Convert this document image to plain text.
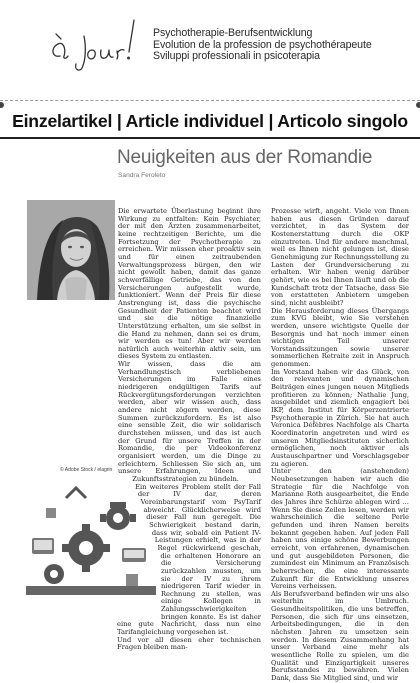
Psychotherapie-Berufsentwicklung
Evolution de la profession de psychothérapeute
Sviluppi professionali in psicoterapia
Einzelartikel | Article individuel | Articolo singolo
Neuigkeiten aus der Romandie
Sandra Feroleto
© Adobe Stock / elagrin

Die erwartete Überlastung beginnt ihre Wirkung zu entfalten: Kein Psychiater, der mit den Ärzten zusammenarbeitet, keine rechtzeitigen Berichte, um die Fortsetzung der Psychotherapie zu erreichen. Wir müssen eher proaktiv sein und für einen zeitraubenden Verwaltungsprozess bürgen, den wir nicht gewollt haben, damit das ganze schwerfällige Getriebe, das von den Versicherungen aufgestellt wurde, funktioniert. Wenn der Preis für diese Anstrengung ist, dass die psychische Gesundheit der Patienten beachtet wird und sie die nötige finanzielle Unterstützung erhalten, um sie selbst in die Hand zu nehmen, dann sei es drum, wir werden es tun! Aber wir werden natürlich auch weiterhin aktiv sein, um dieses System zu entlasten.

Wir wissen, dass die am Verhandlungstisch verbliebenen Versicherungen im Falle eines niedrigeren endgültigen Tarifs auf Rückvergütungsforderungen verzichten werden, aber wir wissen auch, dass andere nicht zögern werden, diese Summen zurückzufordern. Es ist also eine sensible Zeit, die wir solidarisch durchstehen müssen, und das ist auch der Grund für unsere Treffen in der Romandie, die per Videokonferenz organisiert werden, um die Dinge zu erleichtern. Schliessen Sie sich an, um unsere Erfahrungen, Ideen und Zukunftsstrategien zu bündeln.

Ein weiteres Problem stellt der Fall der IV dar, deren Vereinbarungstarif vom PsyTarif abweicht. Glücklicherweise wird dieser Fall nun geregelt. Die Schwierigkeit bestand darin, dass wir, sobald ein Patient IV-Leistungen erhielt, was in der Regel rückwirkend geschah, die erhaltenen Honorare an die Versicherung zurückzahlen mussten, um sie der IV zu ihrem niedrigeren Tarif wieder in Rechnung zu stellen, was einige Kollegen in Zahlungsschwierigkeiten bringen konnte. Es ist daher eine gute Nachricht, dass nun eine Tarifangleichung vorgesehen ist.

Und vor all diesen eher technischen Fragen bleiben man-

Prozesse wirft, angeht. Viele von Ihnen haben aus diesen Gründen darauf verzichtet, in das System der Kostenerstattung durch die OKP einzutreten. Und für andere manchmal, weil es Ihnen nicht gelungen ist, diese Genehmigung zur Rechnungsstellung zu Lasten der Grundversicherung zu erhalten. Wir haben wenig darüber gehört, wie es bei Ihnen läuft und ob die Kundschaft trotz der Tatsache, dass Sie von erstatteten Anbietern umgeben sind, nicht ausbleibt?

Die Herausforderung dieses Übergangs zum KVG bleibt, wie Sie verstehen werden, unsere wichtigste Quelle der Besorgnis und hat noch immer einen wichtigen Teil unserer Vorstandssitzungen sowie unserer sommerlichen Retraite zeit in Anspruch genommen.

Im Vorstand haben wir das Glück, von den relevanten und dynamischen Beiträgen eines jungen neuen Mitglieds profitieren zu können; Nathalie Jung, ausgebildet und ziemlich engagiert bei IKP, dem Institut für Körperzentrierte Psychotherapie in Zürich. Sie hat auch Veronica Défèbres Nachfolge als Charta Koordinatorin angetreten und wird es unseren Mitgliedsinstituten sicherlich ermöglichen, noch aktiver als Austauschpartner und Vorschlagsgeber zu agieren.

Unter den (anstehenden) Neubesetzungen haben wir auch die Strategie für die Nachfolge von Marianne Roth ausgearbeitet, die Ende des Jahres ihre Schürze ablegen wird … Wenn Sie diese Zeilen lesen, werden wir wahrscheinlich die seltene Perle gefunden und ihren Namen bereits bekannt gegeben haben. Auf jeden Fall haben uns einige schöne Bewerbungen erreicht, von erfahrenen, dynamischen und gut ausgebildeten Personen, die zumindest ein Minimum an Französisch beherrschen, die eine interessante Zukunft für die Entwicklung unseres Vereins verheissen.

Als Berufsverband befinden wir uns also weiterhin im Umbruch. Gesundheitspolitiken, die uns betreffen, Personen, die sich für uns einsetzen, Arbeitsbedingungen, die in den nächsten Jahren zu umsetzen sein werden. In diesem Zusammenhang hat unser Verband eine mehr als wesentliche Rolle zu spielen, um die Qualität und Einzigartigkeit unseres Berufsstandes zu bewahren. Vielen Dank, dass Sie Mitglied sind, und wir
